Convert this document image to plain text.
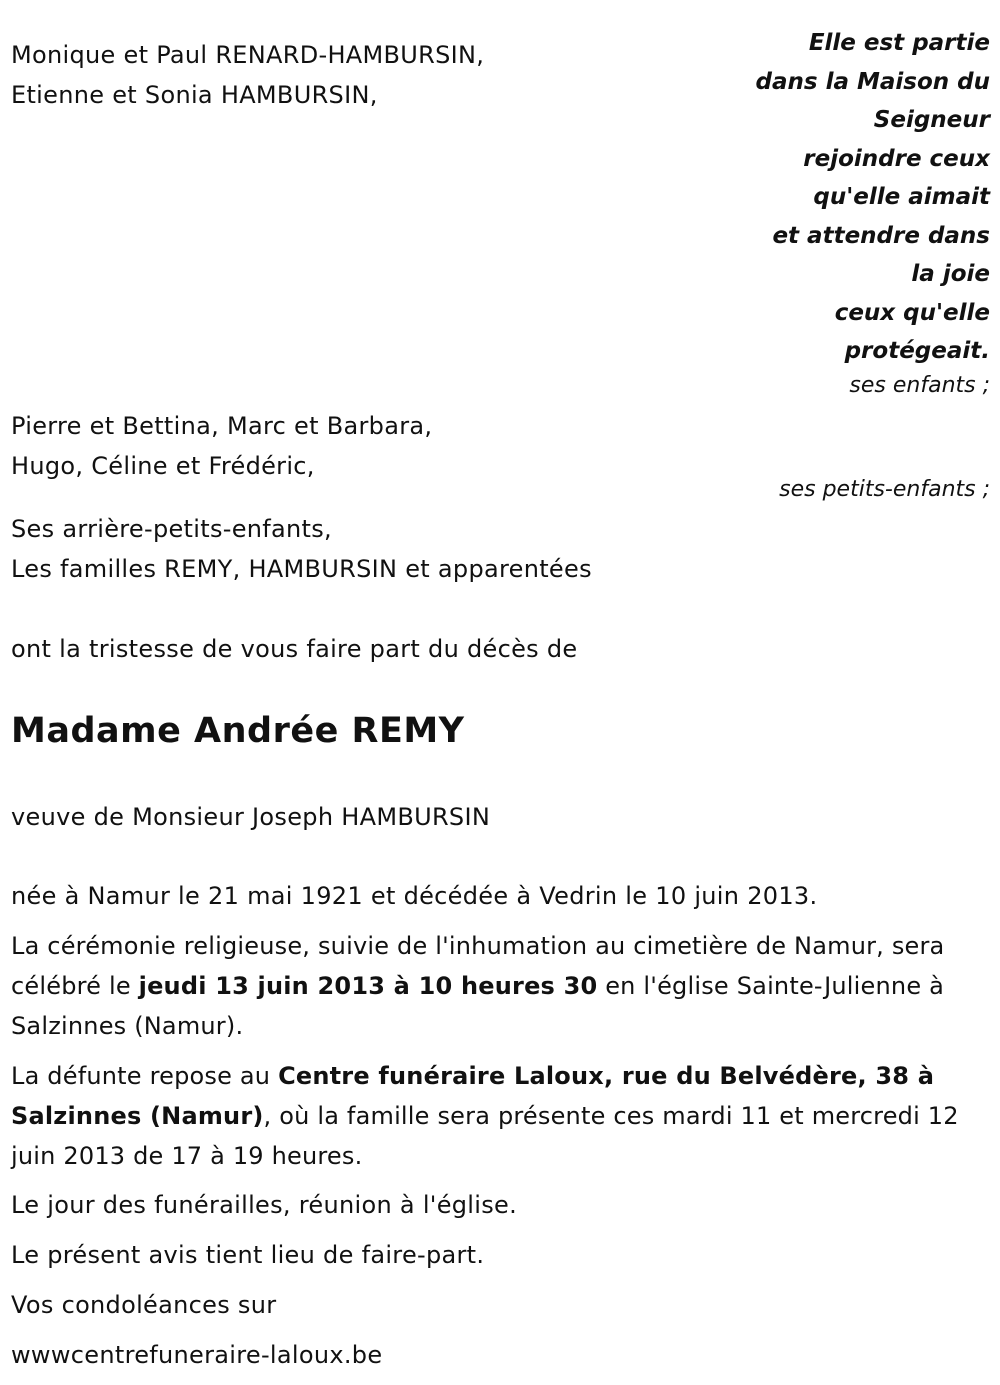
Monique et Paul RENARD-HAMBURSIN,
Etienne et Sonia HAMBURSIN,
Elle est partie
dans la Maison du
Seigneur
rejoindre ceux
qu'elle aimait
et attendre dans
la joie
ceux qu'elle
protégeait.
ses enfants ;
Pierre et Bettina, Marc et Barbara,
Hugo, Céline et Frédéric,
ses petits-enfants ;
Ses arrière-petits-enfants,
Les familles REMY, HAMBURSIN et apparentées
ont la tristesse de vous faire part du décès de
Madame Andrée REMY
veuve de Monsieur Joseph HAMBURSIN
née à Namur le 21 mai 1921 et décédée à Vedrin le 10 juin 2013.
La cérémonie religieuse, suivie de l'inhumation au cimetière de Namur, sera célébré le jeudi 13 juin 2013 à 10 heures 30 en l'église Sainte-Julienne à Salzinnes (Namur).
La défunte repose au Centre funéraire Laloux, rue du Belvédère, 38 à Salzinnes (Namur), où la famille sera présente ces mardi 11 et mercredi 12 juin 2013 de 17 à 19 heures.
Le jour des funérailles, réunion à l'église.
Le présent avis tient lieu de faire-part.
Vos condoléances sur
wwwcentrefuneraire-laloux.be
